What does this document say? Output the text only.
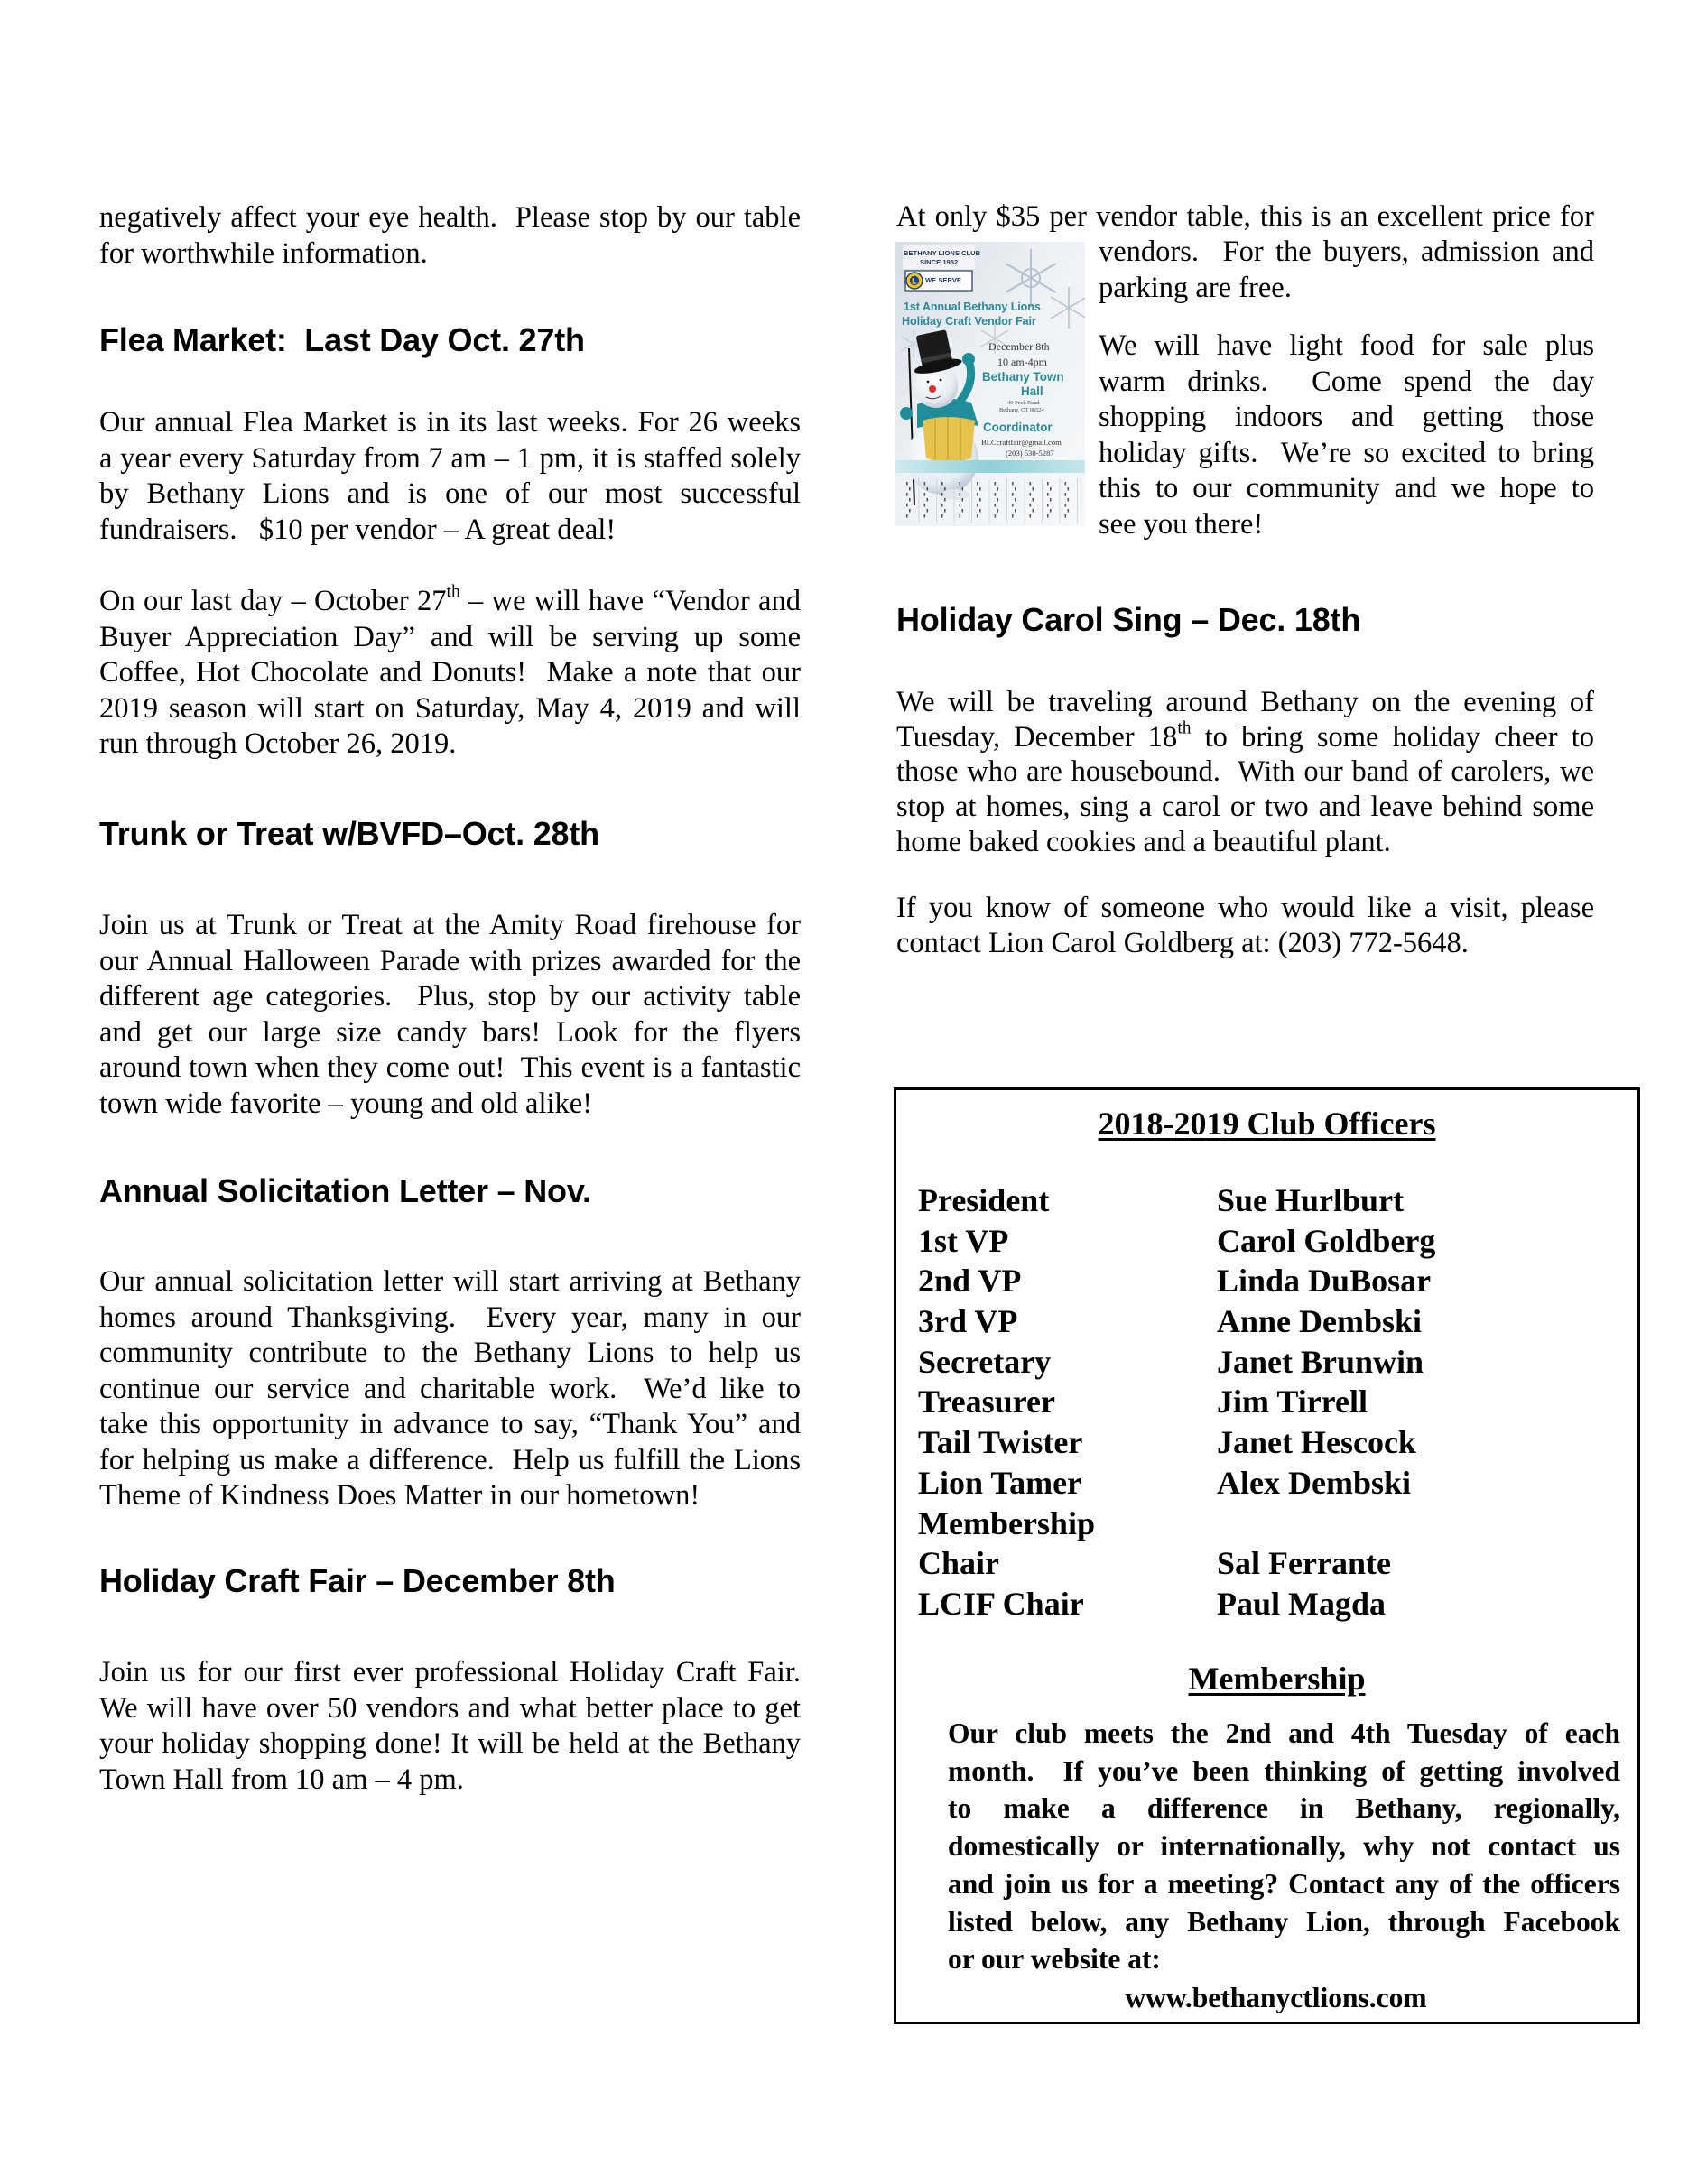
negatively affect your eye health.  Please stop by our table
for worthwhile information.
Flea Market:  Last Day Oct. 27th
Our annual Flea Market is in its last weeks. For 26 weeks
a year every Saturday from 7 am – 1 pm, it is staffed solely
by Bethany Lions and is one of our most successful
fundraisers.   $10 per vendor – A great deal!
On our last day – October 27th – we will have “Vendor and
Buyer Appreciation Day” and will be serving up some
Coffee, Hot Chocolate and Donuts!  Make a note that our
2019 season will start on Saturday, May 4, 2019 and will
run through October 26, 2019.
Trunk or Treat w/BVFD–Oct. 28th
Join us at Trunk or Treat at the Amity Road firehouse for
our Annual Halloween Parade with prizes awarded for the
different age categories.  Plus, stop by our activity table
and get our large size candy bars! Look for the flyers
around town when they come out!  This event is a fantastic
town wide favorite – young and old alike!
Annual Solicitation Letter – Nov.
Our annual solicitation letter will start arriving at Bethany
homes around Thanksgiving.  Every year, many in our
community contribute to the Bethany Lions to help us
continue our service and charitable work.  We’d like to
take this opportunity in advance to say, “Thank You” and
for helping us make a difference.  Help us fulfill the Lions
Theme of Kindness Does Matter in our hometown!
Holiday Craft Fair – December 8th
Join us for our first ever professional Holiday Craft Fair.
We will have over 50 vendors and what better place to get
your holiday shopping done! It will be held at the Bethany
Town Hall from 10 am – 4 pm.
At only $35 per vendor table, this is an excellent price for
BETHANY LIONS CLUB
SINCE 1952
WE SERVE
1st Annual Bethany Lions
Holiday Craft Vendor Fair
December 8th
10 am-4pm
Bethany Town
Hall
40 Peck Road
Bethany, CT 06524
Coordinator
BLCcraftfair@gmail.com
(203) 530-5287
vendors.  For the buyers, admission and
parking are free.
We will have light food for sale plus
warm drinks.  Come spend the day
shopping indoors and getting those
holiday gifts.  We’re so excited to bring
this to our community and we hope to
see you there!
Holiday Carol Sing – Dec. 18th
We will be traveling around Bethany on the evening of
Tuesday, December 18th to bring some holiday cheer to
those who are housebound.  With our band of carolers, we
stop at homes, sing a carol or two and leave behind some
home baked cookies and a beautiful plant.
If you know of someone who would like a visit, please
contact Lion Carol Goldberg at: (203) 772-5648.
2018-2019 Club Officers
President	Sue Hurlburt
1st VP	Carol Goldberg
2nd VP	Linda DuBosar
3rd VP	Anne Dembski
Secretary	Janet Brunwin
Treasurer	Jim Tirrell
Tail Twister	Janet Hescock
Lion Tamer	Alex Dembski
Membership
Chair	Sal Ferrante
LCIF Chair	Paul Magda
Membership
Our club meets the 2nd and 4th Tuesday of each
month.  If you’ve been thinking of getting involved
to make a difference in Bethany, regionally,
domestically or internationally, why not contact us
and join us for a meeting? Contact any of the officers
listed below, any Bethany Lion, through Facebook
or our website at:
www.bethanyctlions.com
